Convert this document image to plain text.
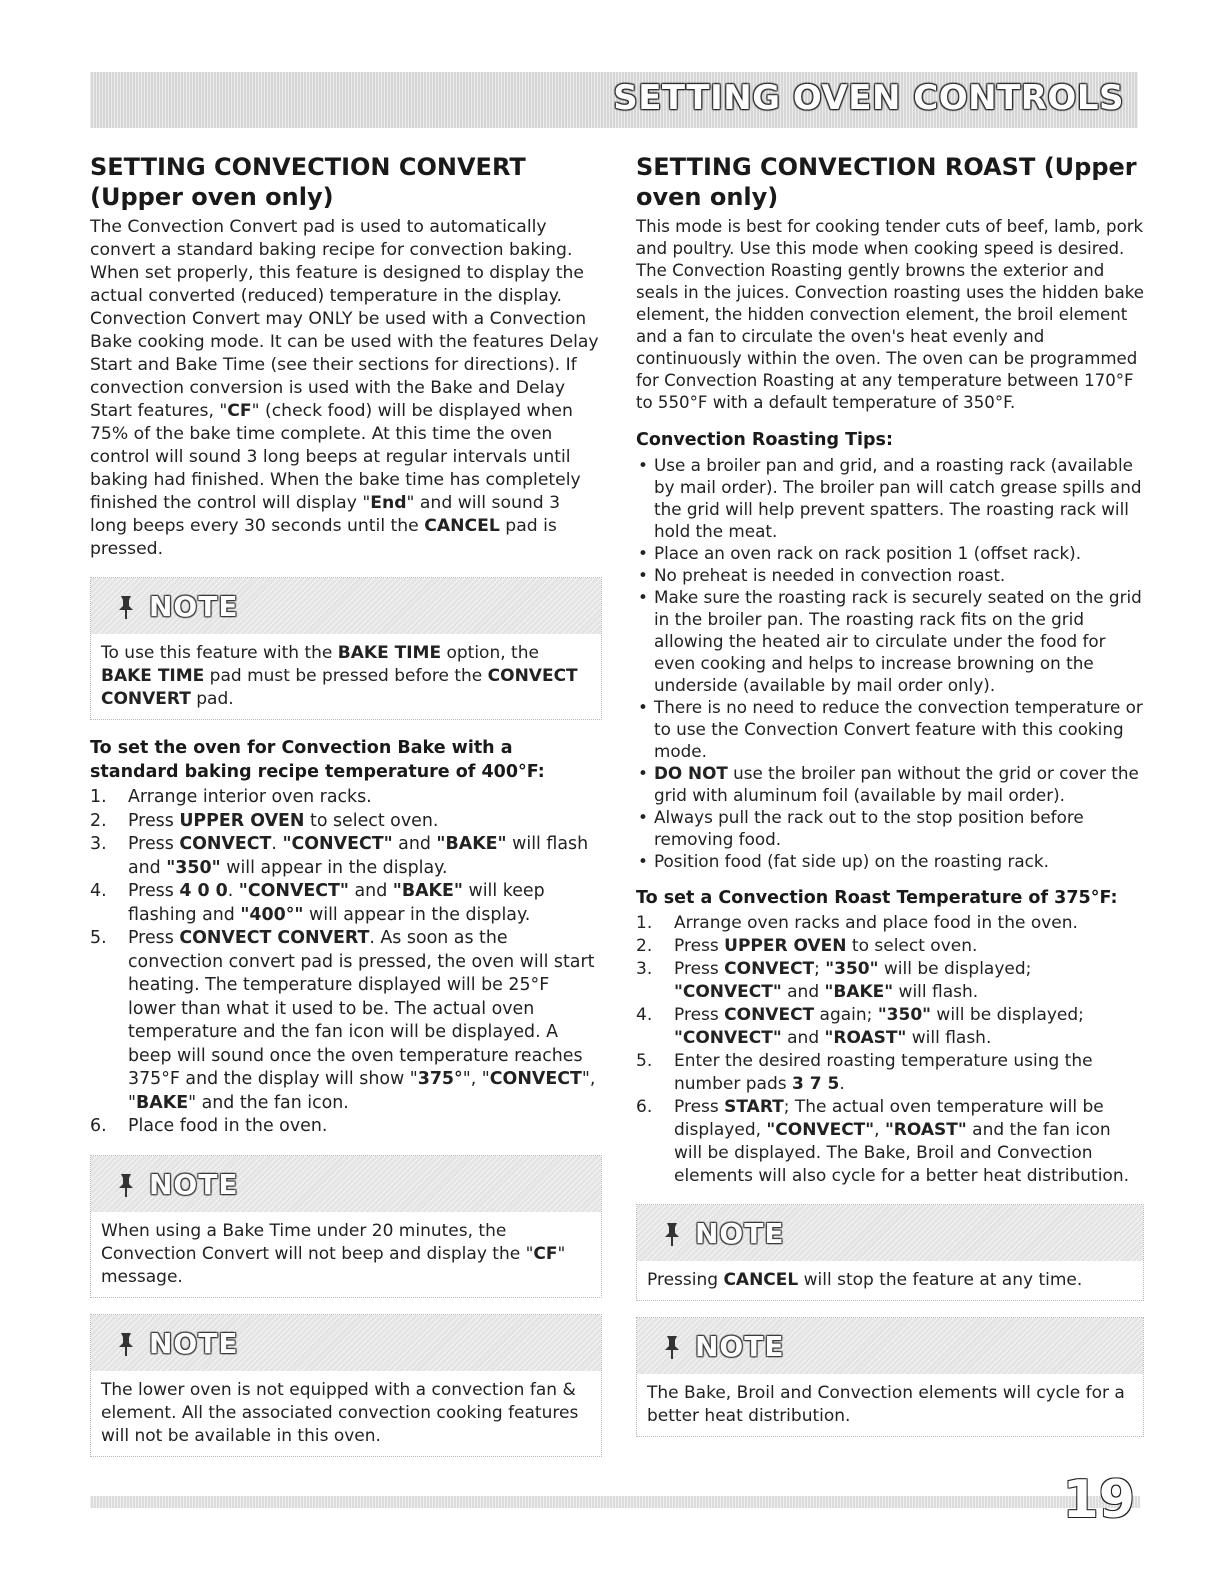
SETTING OVEN CONTROLS
SETTING CONVECTION CONVERT (Upper oven only)

The Convection Convert pad is used to automatically convert a standard baking recipe for convection baking. When set properly, this feature is designed to display the actual converted (reduced) temperature in the display. Convection Convert may ONLY be used with a Convection Bake cooking mode. It can be used with the features Delay Start and Bake Time (see their sections for directions). If convection conversion is used with the Bake and Delay Start features, "CF" (check food) will be displayed when 75% of the bake time complete. At this time the oven control will sound 3 long beeps at regular intervals until baking had finished. When the bake time has completely finished the control will display "End" and will sound 3 long beeps every 30 seconds until the CANCEL pad is pressed.

NOTE
To use this feature with the BAKE TIME option, the BAKE TIME pad must be pressed before the CONVECT CONVERT pad.
To set the oven for Convection Bake with a standard baking recipe temperature of 400°F:
1. Arrange interior oven racks.
2. Press UPPER OVEN to select oven.
3. Press CONVECT. "CONVECT" and "BAKE" will flash and "350" will appear in the display.
4. Press 4 0 0. "CONVECT" and "BAKE" will keep flashing and "400°" will appear in the display.
5. Press CONVECT CONVERT. As soon as the convection convert pad is pressed, the oven will start heating. The temperature displayed will be 25°F lower than what it used to be. The actual oven temperature and the fan icon will be displayed. A beep will sound once the oven temperature reaches 375°F and the display will show "375°", "CONVECT", "BAKE" and the fan icon.
6. Place food in the oven.
NOTE
When using a Bake Time under 20 minutes, the Convection Convert will not beep and display the "CF" message.
NOTE
The lower oven is not equipped with a convection fan & element. All the associated convection cooking features will not be available in this oven.
SETTING CONVECTION ROAST (Upper oven only)

This mode is best for cooking tender cuts of beef, lamb, pork and poultry. Use this mode when cooking speed is desired. The Convection Roasting gently browns the exterior and seals in the juices. Convection roasting uses the hidden bake element, the hidden convection element, the broil element and a fan to circulate the oven's heat evenly and continuously within the oven. The oven can be programmed for Convection Roasting at any temperature between 170°F to 550°F with a default temperature of 350°F.

Convection Roasting Tips:
• Use a broiler pan and grid, and a roasting rack (available by mail order). The broiler pan will catch grease spills and the grid will help prevent spatters. The roasting rack will hold the meat.
• Place an oven rack on rack position 1 (offset rack).
• No preheat is needed in convection roast.
• Make sure the roasting rack is securely seated on the grid in the broiler pan. The roasting rack fits on the grid allowing the heated air to circulate under the food for even cooking and helps to increase browning on the underside (available by mail order only).
• There is no need to reduce the convection temperature or to use the Convection Convert feature with this cooking mode.
• DO NOT use the broiler pan without the grid or cover the grid with aluminum foil (available by mail order).
• Always pull the rack out to the stop position before removing food.
• Position food (fat side up) on the roasting rack.
To set a Convection Roast Temperature of 375°F:
1. Arrange oven racks and place food in the oven.
2. Press UPPER OVEN to select oven.
3. Press CONVECT; "350" will be displayed; "CONVECT" and "BAKE" will flash.
4. Press CONVECT again; "350" will be displayed; "CONVECT" and "ROAST" will flash.
5. Enter the desired roasting temperature using the number pads 3 7 5.
6. Press START; The actual oven temperature will be displayed, "CONVECT", "ROAST" and the fan icon will be displayed. The Bake, Broil and Convection elements will also cycle for a better heat distribution.
NOTE
Pressing CANCEL will stop the feature at any time.
NOTE
The Bake, Broil and Convection elements will cycle for a better heat distribution.
19
